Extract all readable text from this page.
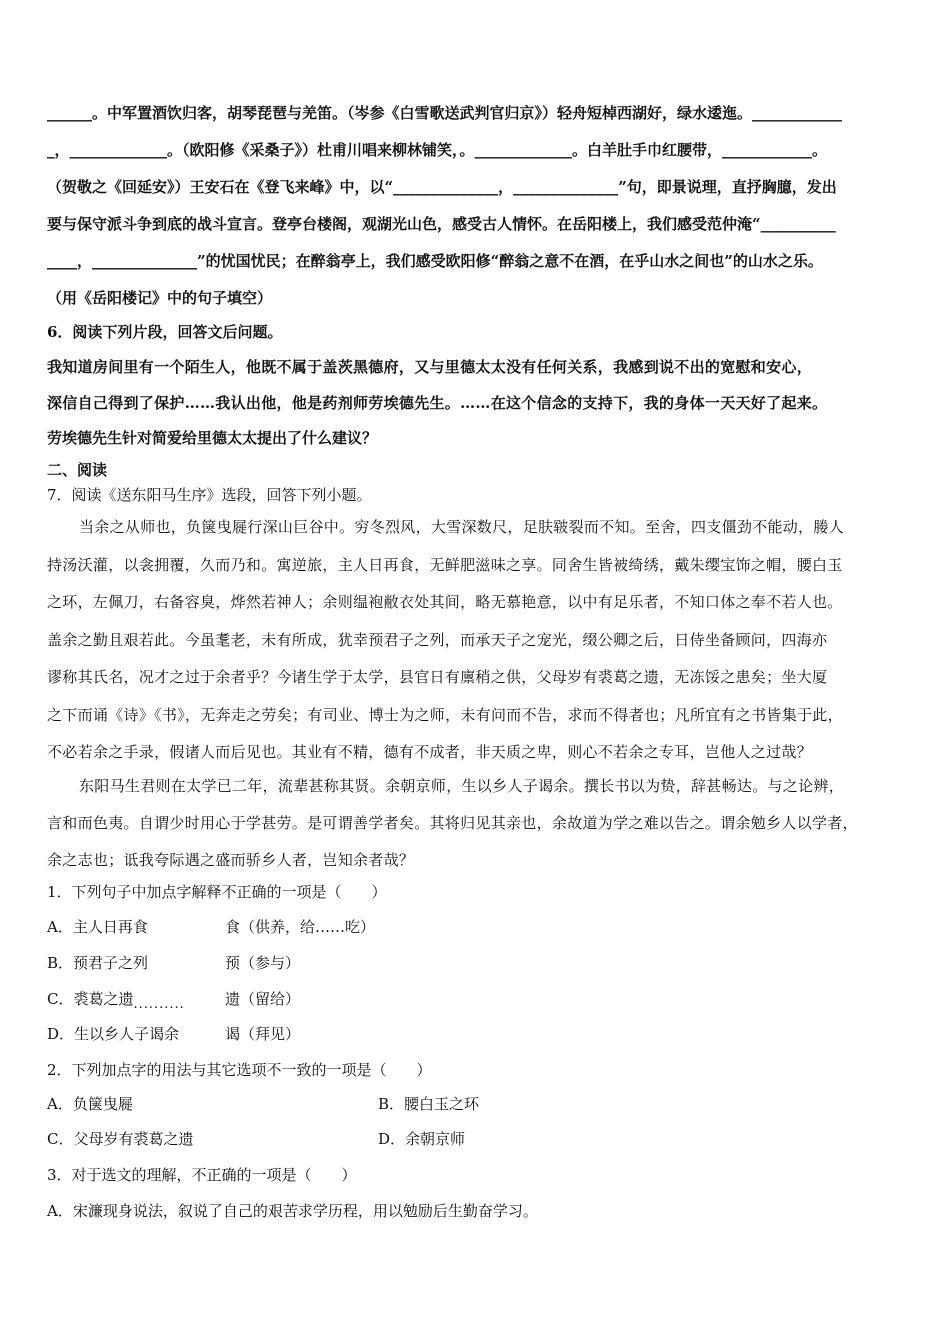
______。中军置酒饮归客，胡琴琵琶与羌笛。（岑参《白雪歌送武判官归京》）轻舟短棹西湖好，绿水逶迤。____________
_，_____________。（欧阳修《采桑子》）杜甫川唱来柳林铺笑，。_____________。白羊肚手巾红腰带，____________。
（贺敬之《回延安》）王安石在《登飞来峰》中，以“______________，______________”句，即景说理，直抒胸臆，发出
要与保守派斗争到底的战斗宣言。登亭台楼阁，观湖光山色，感受古人情怀。在岳阳楼上，我们感受范仲淹“__________
____，______________”的忧国忧民；在醉翁亭上，我们感受欧阳修“醉翁之意不在酒，在乎山水之间也”的山水之乐。
（用《岳阳楼记》中的句子填空）
6．阅读下列片段，回答文后问题。
我知道房间里有一个陌生人，他既不属于盖茨黑德府，又与里德太太没有任何关系，我感到说不出的宽慰和安心，
深信自己得到了保护……我认出他，他是药剂师劳埃德先生。……在这个信念的支持下，我的身体一天天好了起来。
劳埃德先生针对简爱给里德太太提出了什么建议？
二、阅读
7．阅读《送东阳马生序》选段，回答下列小题。
当余之从师也，负箧曳屣行深山巨谷中。穷冬烈风，大雪深数尺，足肤皲裂而不知。至舍，四支僵劲不能动，媵人
持汤沃灌，以衾拥覆，久而乃和。寓逆旅，主人日再食，无鲜肥滋味之享。同舍生皆被绮绣，戴朱缨宝饰之帽，腰白玉
之环，左佩刀，右备容臭，烨然若神人；余则缊袍敝衣处其间，略无慕艳意，以中有足乐者，不知口体之奉不若人也。
盖余之勤且艰若此。今虽耄老，未有所成，犹幸预君子之列，而承天子之宠光，缀公卿之后，日侍坐备顾问，四海亦
谬称其氏名，况才之过于余者乎？今诸生学于太学，县官日有廪稍之供，父母岁有裘葛之遗，无冻馁之患矣；坐大厦
之下而诵《诗》《书》，无奔走之劳矣；有司业、博士为之师，未有问而不告，求而不得者也；凡所宜有之书皆集于此，
不必若余之手录，假诸人而后见也。其业有不精，德有不成者，非天质之卑，则心不若余之专耳，岂他人之过哉？
东阳马生君则在太学已二年，流辈甚称其贤。余朝京师，生以乡人子谒余。撰长书以为贽，辞甚畅达。与之论辨，
言和而色夷。自谓少时用心于学甚劳。是可谓善学者矣。其将归见其亲也，余故道为学之难以告之。谓余勉乡人以学者，
余之志也；诋我夸际遇之盛而骄乡人者，岂知余者哉？
1．下列句子中加点字解释不正确的一项是（　　）
A．主人日再食	食（供养，给……吃）
B．预君子之列	预（参与）
C．裘葛之遗..........	遗（留给）
D．生以乡人子谒余	谒（拜见）
2．下列加点字的用法与其它选项不一致的一项是（　　）
A．负箧曳屣	B．腰白玉之环
C．父母岁有裘葛之遗	D．余朝京师
3．对于选文的理解，不正确的一项是（　　）
A．宋濂现身说法，叙说了自己的艰苦求学历程，用以勉励后生勤奋学习。
